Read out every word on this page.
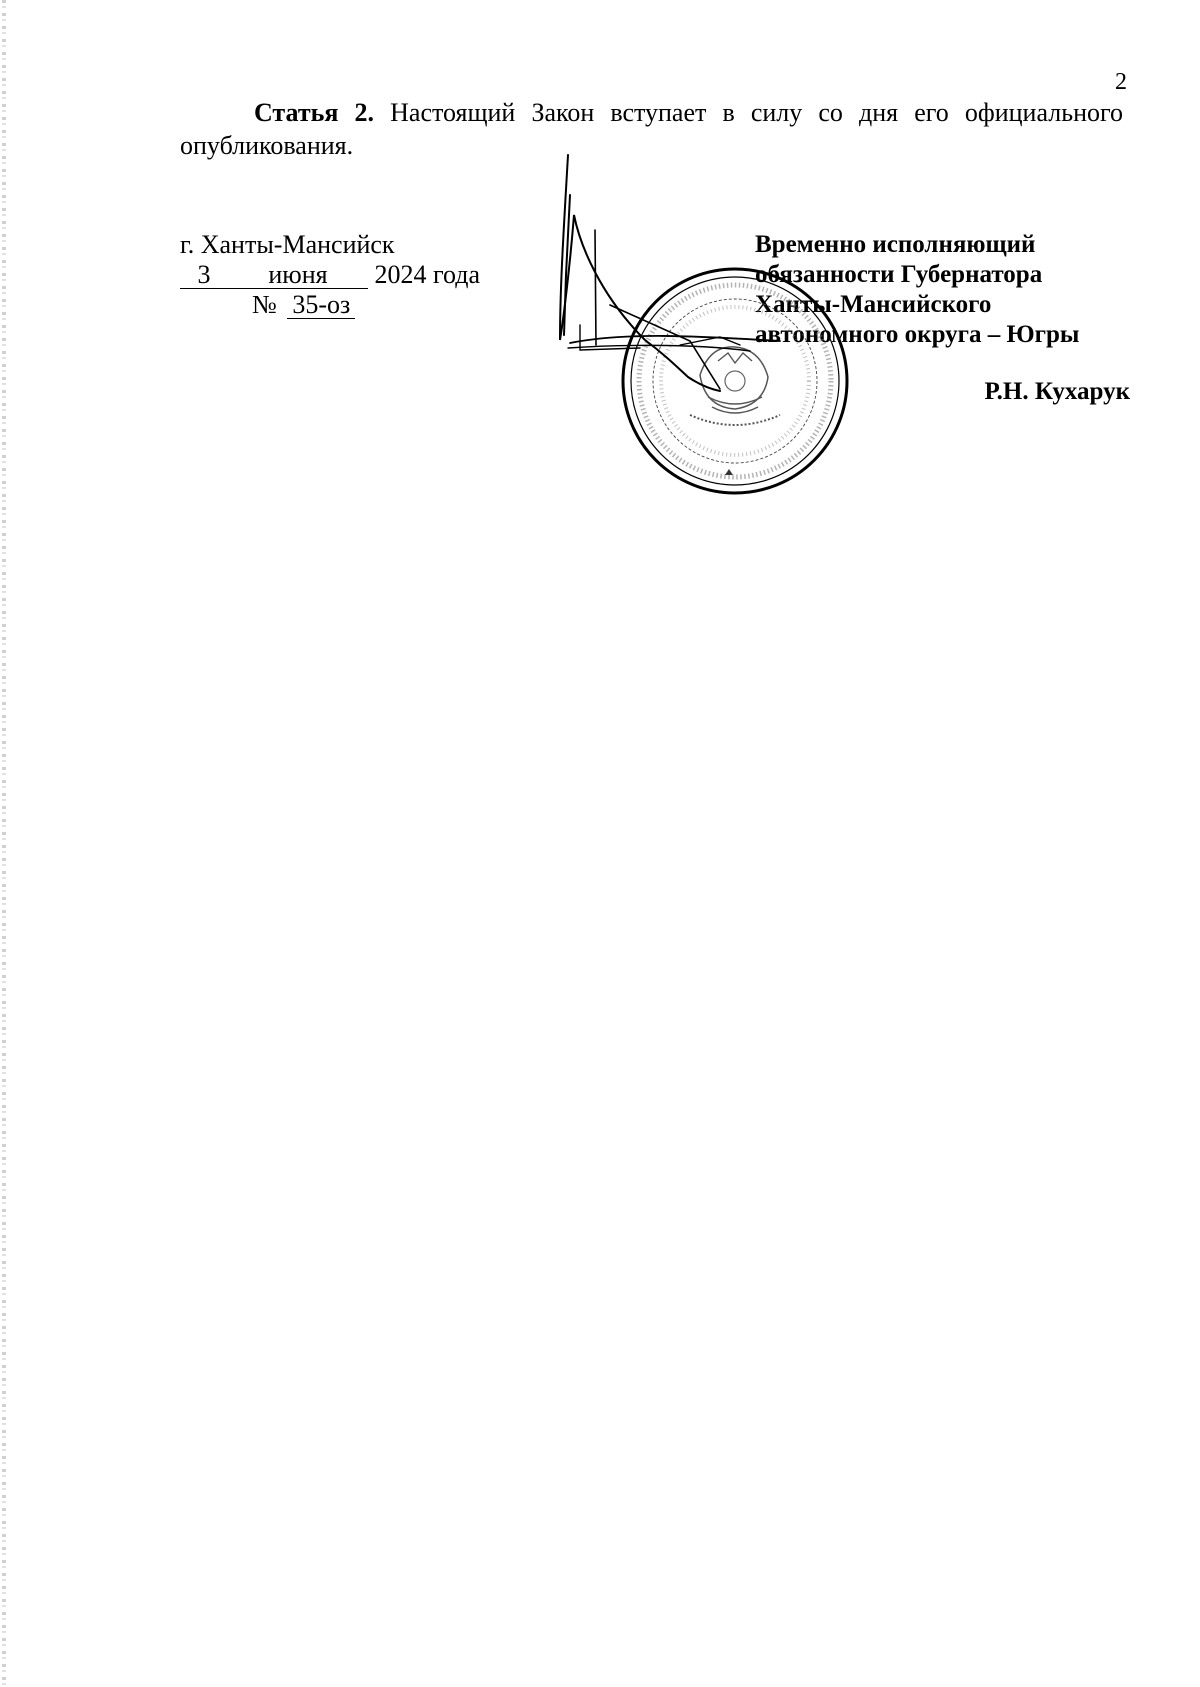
2
Статья 2. Настоящий Закон вступает в силу со дня его официального
опубликования.
г. Ханты-Мансийск
3 июня 2024 года
№ 35-оз
Временно исполняющий
обязанности Губернатора
Ханты-Мансийского
автономного округа – Югры
Р.Н. Кухарук
